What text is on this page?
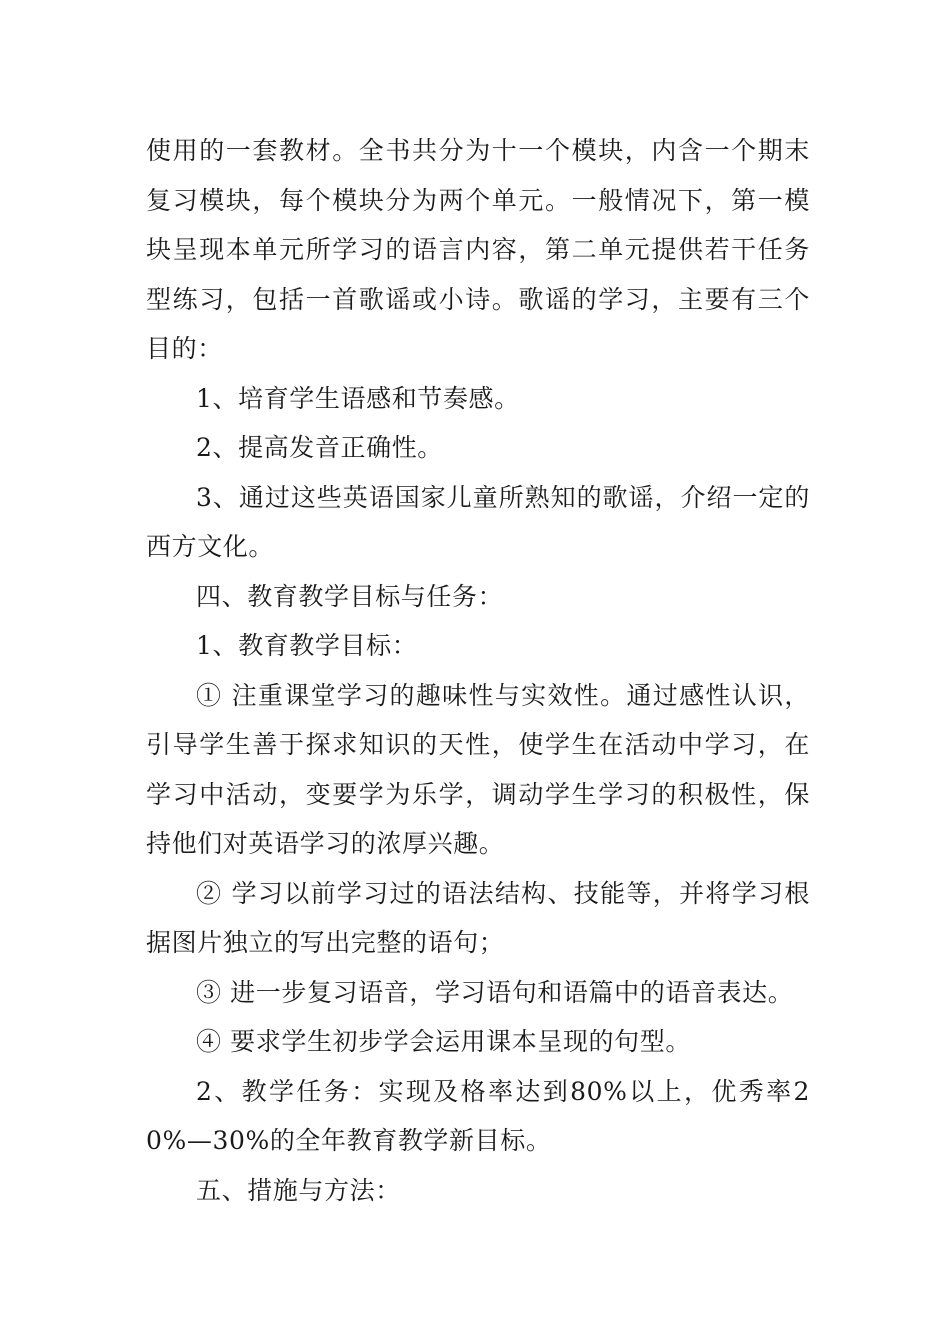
使用的一套教材。全书共分为十一个模块，内含一个期末复习模块，每个模块分为两个单元。一般情况下，第一模块呈现本单元所学习的语言内容，第二单元提供若干任务型练习，包括一首歌谣或小诗。歌谣的学习，主要有三个目的：

1、培育学生语感和节奏感。

2、提高发音正确性。

3、通过这些英语国家儿童所熟知的歌谣，介绍一定的西方文化。

四、教育教学目标与任务：

1、教育教学目标：

① 注重课堂学习的趣味性与实效性。通过感性认识，引导学生善于探求知识的天性，使学生在活动中学习，在学习中活动，变要学为乐学，调动学生学习的积极性，保持他们对英语学习的浓厚兴趣。

② 学习以前学习过的语法结构、技能等，并将学习根据图片独立的写出完整的语句；

③ 进一步复习语音，学习语句和语篇中的语音表达。

④ 要求学生初步学会运用课本呈现的句型。

2、教学任务：实现及格率达到80%以上，优秀率20%—30%的全年教育教学新目标。

五、措施与方法：
